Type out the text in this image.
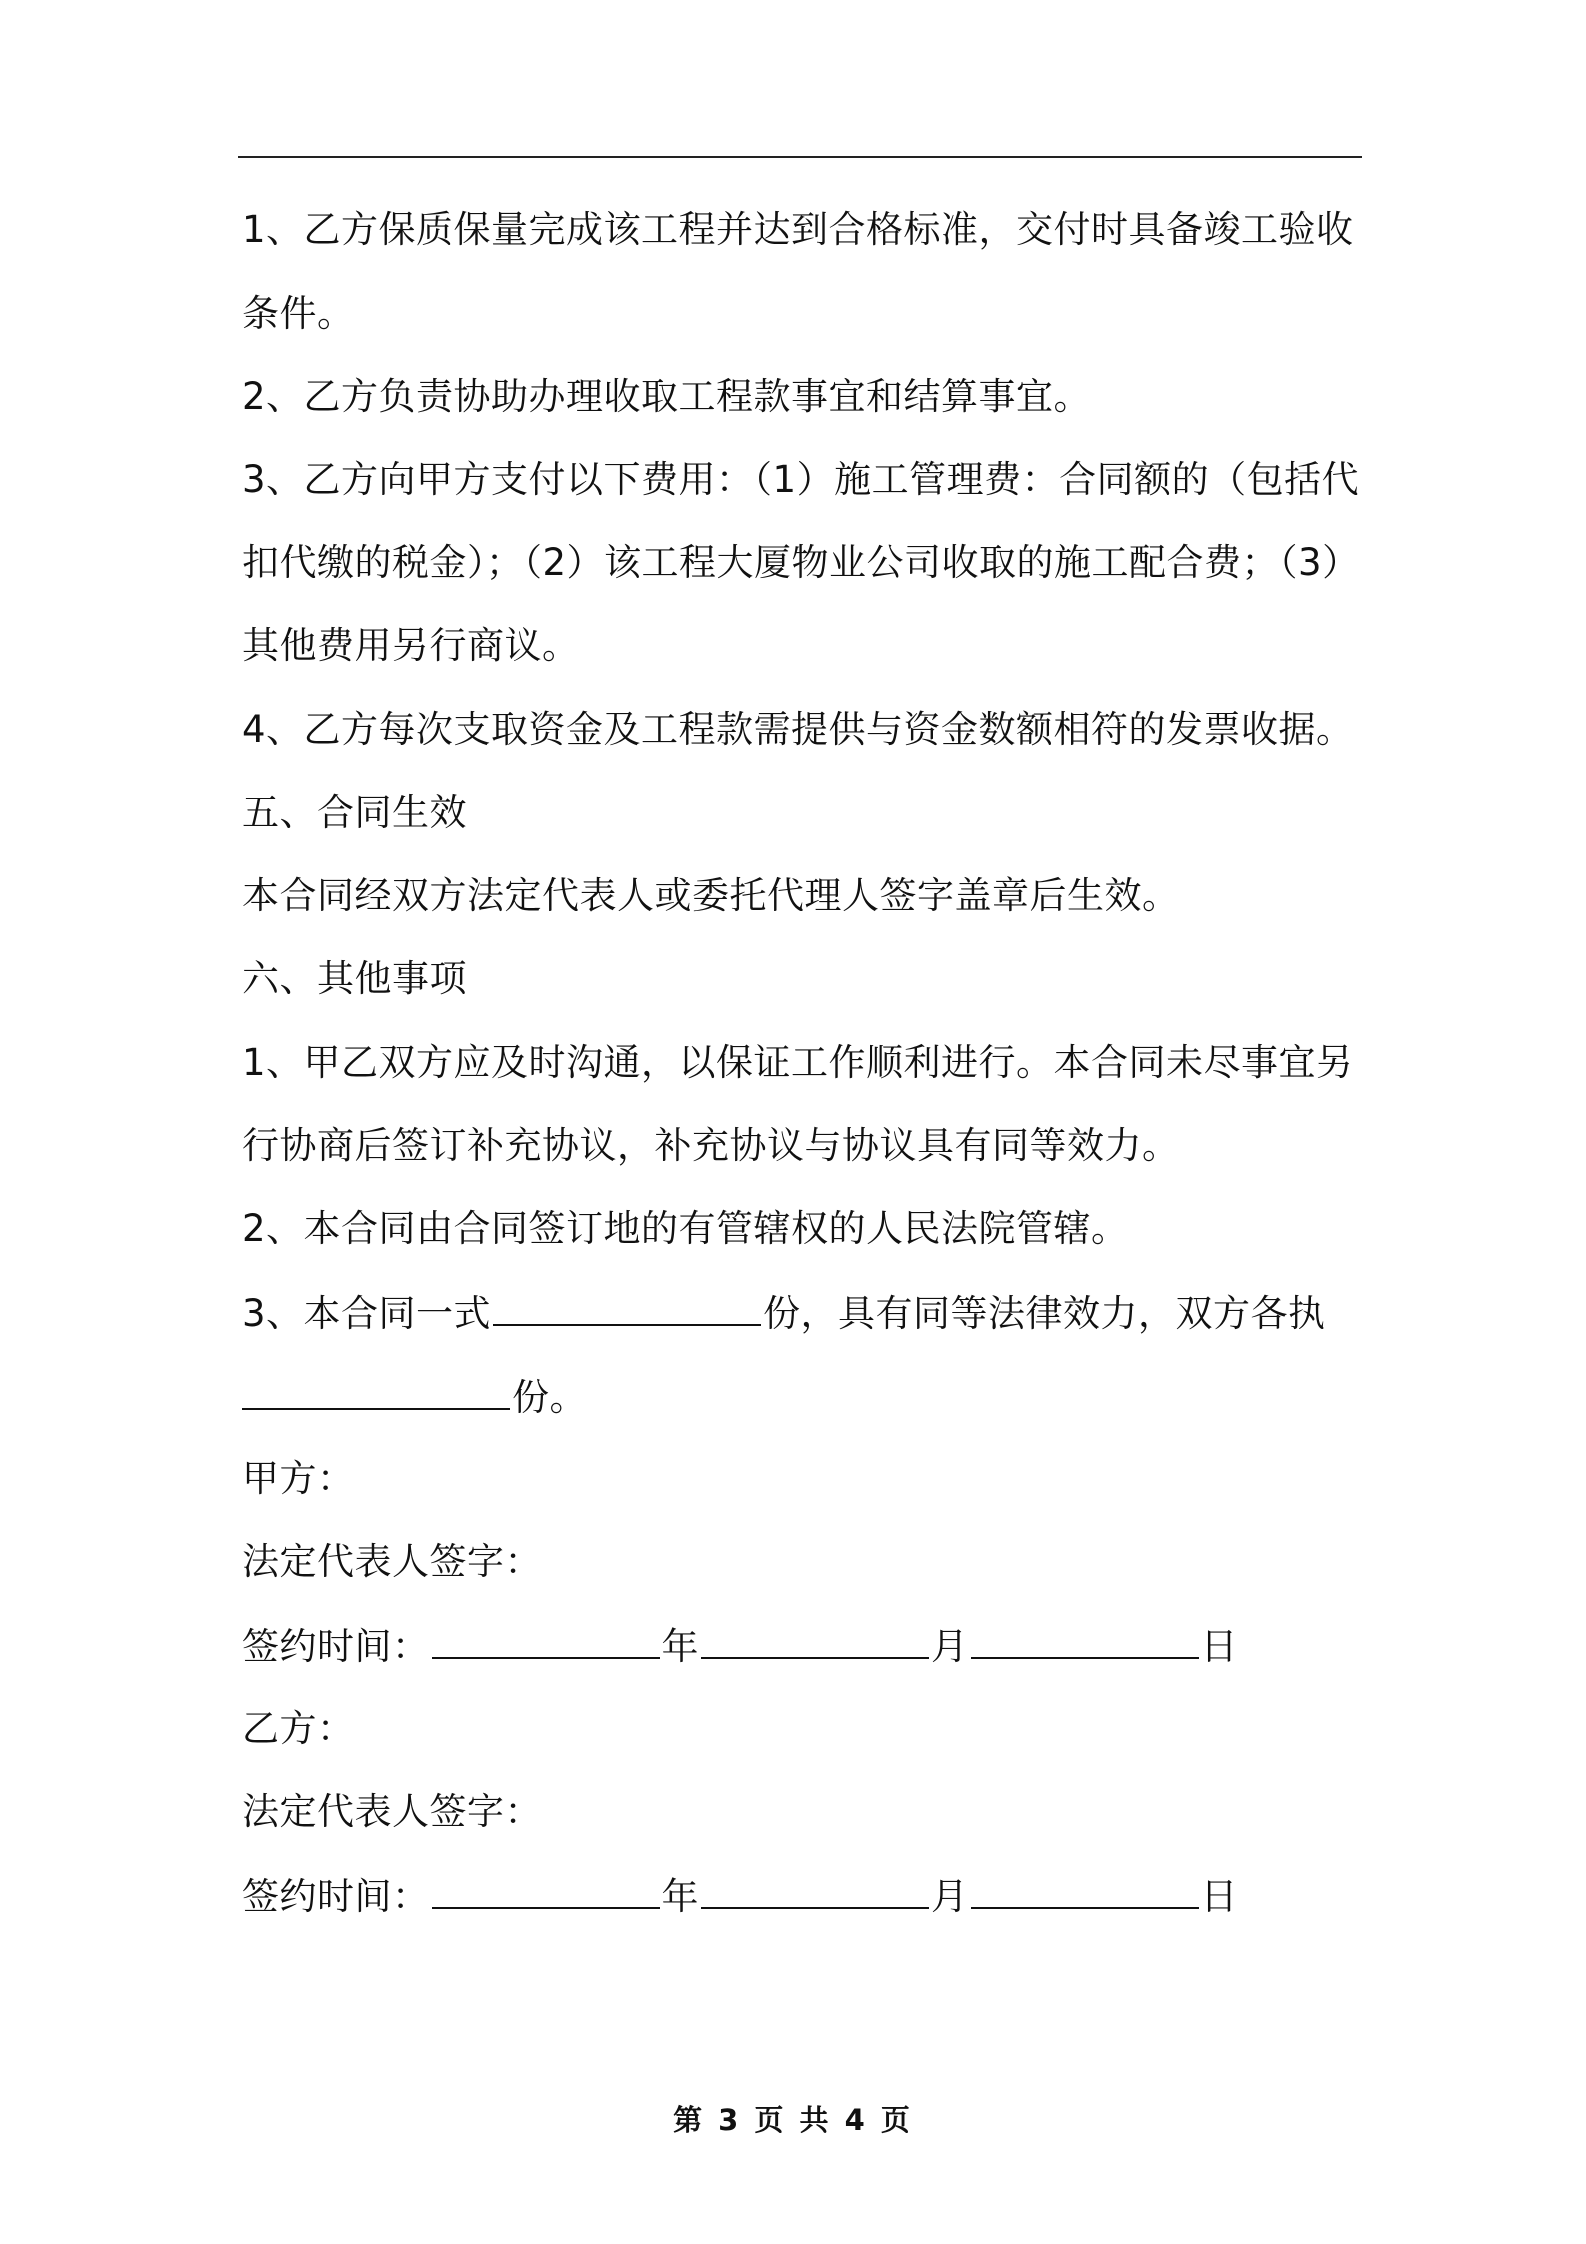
1、乙方保质保量完成该工程并达到合格标准，交付时具备竣工验收
条件。
2、乙方负责协助办理收取工程款事宜和结算事宜。
3、乙方向甲方支付以下费用：（1）施工管理费：合同额的（包括代
扣代缴的税金）；（2）该工程大厦物业公司收取的施工配合费；（3）
其他费用另行商议。
4、乙方每次支取资金及工程款需提供与资金数额相符的发票收据。
五、合同生效
本合同经双方法定代表人或委托代理人签字盖章后生效。
六、其他事项
1、甲乙双方应及时沟通，以保证工作顺利进行。本合同未尽事宜另
行协商后签订补充协议，补充协议与协议具有同等效力。
2、本合同由合同签订地的有管辖权的人民法院管辖。
3、本合同一式	份，具有同等法律效力，双方各执
份。
甲方：
法定代表人签字：
签约时间：	年	月	日
乙方：
法定代表人签字：
签约时间：	年	月	日
第 3 页 共 4 页
